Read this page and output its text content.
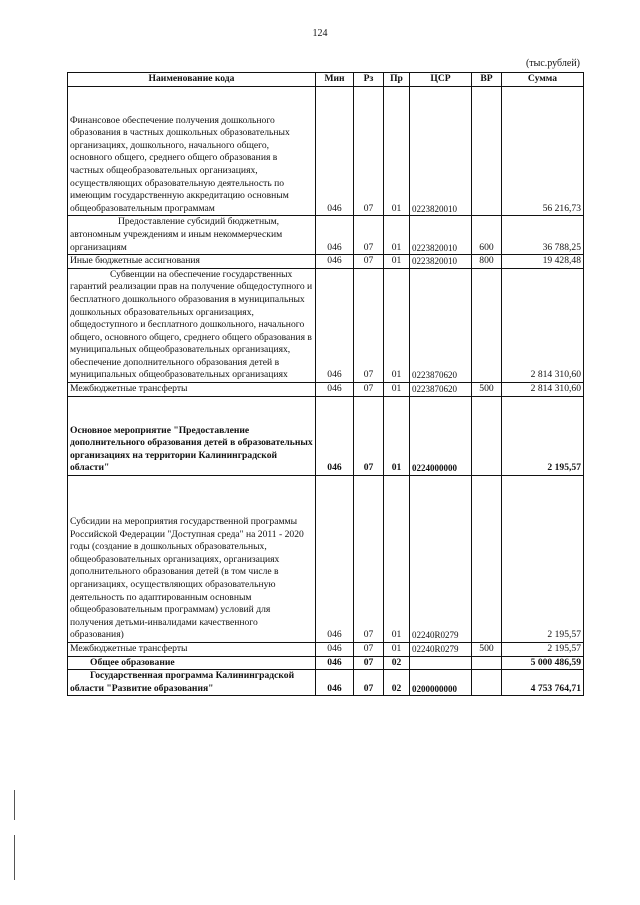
124
(тыс.рублей)
Наименование кода	Мин	Рз	Пр	ЦСР	ВР	Сумма

Финансовое обеспечение получения дошкольного образования в частных дошкольных образовательных организациях, дошкольного, начального общего, основного общего, среднего общего образования в частных общеобразовательных организациях, осуществляющих образовательную деятельность по имеющим государственную аккредитацию основным общеобразовательным программам	046	07	01	0223820010		56 216,73
Предоставление субсидий бюджетным, автономным учреждениям и иным некоммерческим организациям	046	07	01	0223820010	600	36 788,25
Иные бюджетные ассигнования	046	07	01	0223820010	800	19 428,48
Субвенции на обеспечение государственных гарантий реализации прав на получение общедоступного и бесплатного дошкольного образования в муниципальных дошкольных образовательных организациях, общедоступного и бесплатного дошкольного, начального общего, основного общего, среднего общего образования в муниципальных общеобразовательных организациях, обеспечение дополнительного образования детей в муниципальных общеобразовательных организациях	046	07	01	0223870620		2 814 310,60
Межбюджетные трансферты	046	07	01	0223870620	500	2 814 310,60

Основное мероприятие "Предоставление дополнительного образования детей в образовательных организациях на территории Калининградской области"	046	07	01	0224000000		2 195,57

Субсидии на мероприятия государственной программы Российской Федерации "Доступная среда" на 2011 - 2020 годы (создание в дошкольных образовательных, общеобразовательных организациях, организациях дополнительного образования детей (в том числе в организациях, осуществляющих образовательную деятельность по адаптированным основным общеобразовательным программам) условий для получения детьми-инвалидами качественного образования)	046	07	01	02240R0279		2 195,57
Межбюджетные трансферты	046	07	01	02240R0279	500	2 195,57
Общее образование	046	07	02			5 000 486,59
Государственная программа Калининградской области "Развитие образования"	046	07	02	0200000000		4 753 764,71
